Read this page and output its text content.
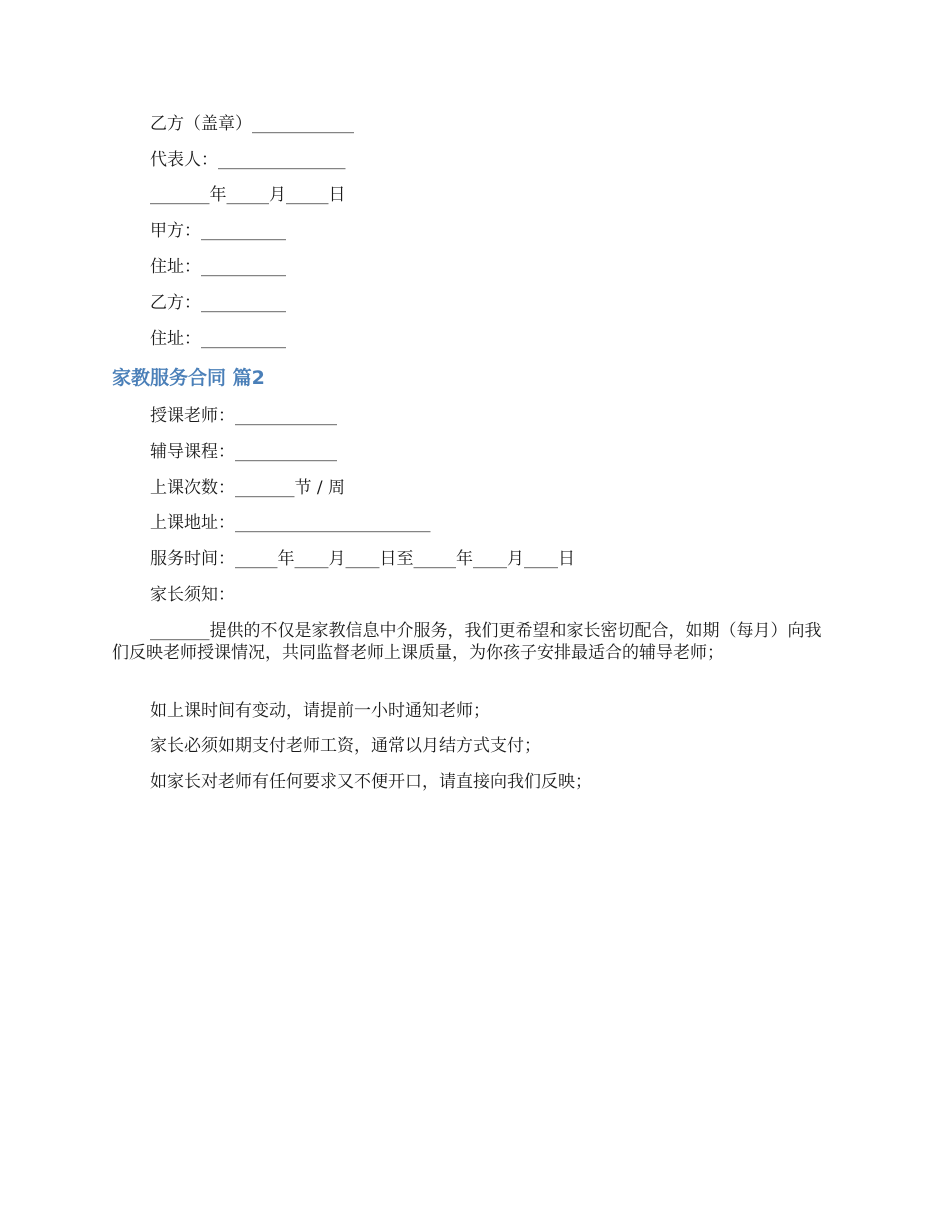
乙方（盖章）____________
代表人：_______________
_______年_____月_____日
甲方：__________
住址：__________
乙方：__________
住址：__________
家教服务合同 篇2
授课老师：____________
辅导课程：____________
上课次数：_______节 / 周
上课地址：_______________________
服务时间：_____年____月____日至_____年____月____日
家长须知：
_______提供的不仅是家教信息中介服务，我们更希望和家长密切配合，如期（每月）向我们反映老师授课情况，共同监督老师上课质量，为你孩子安排最适合的辅导老师；
如上课时间有变动，请提前一小时通知老师；
家长必须如期支付老师工资，通常以月结方式支付；
如家长对老师有任何要求又不便开口，请直接向我们反映；
